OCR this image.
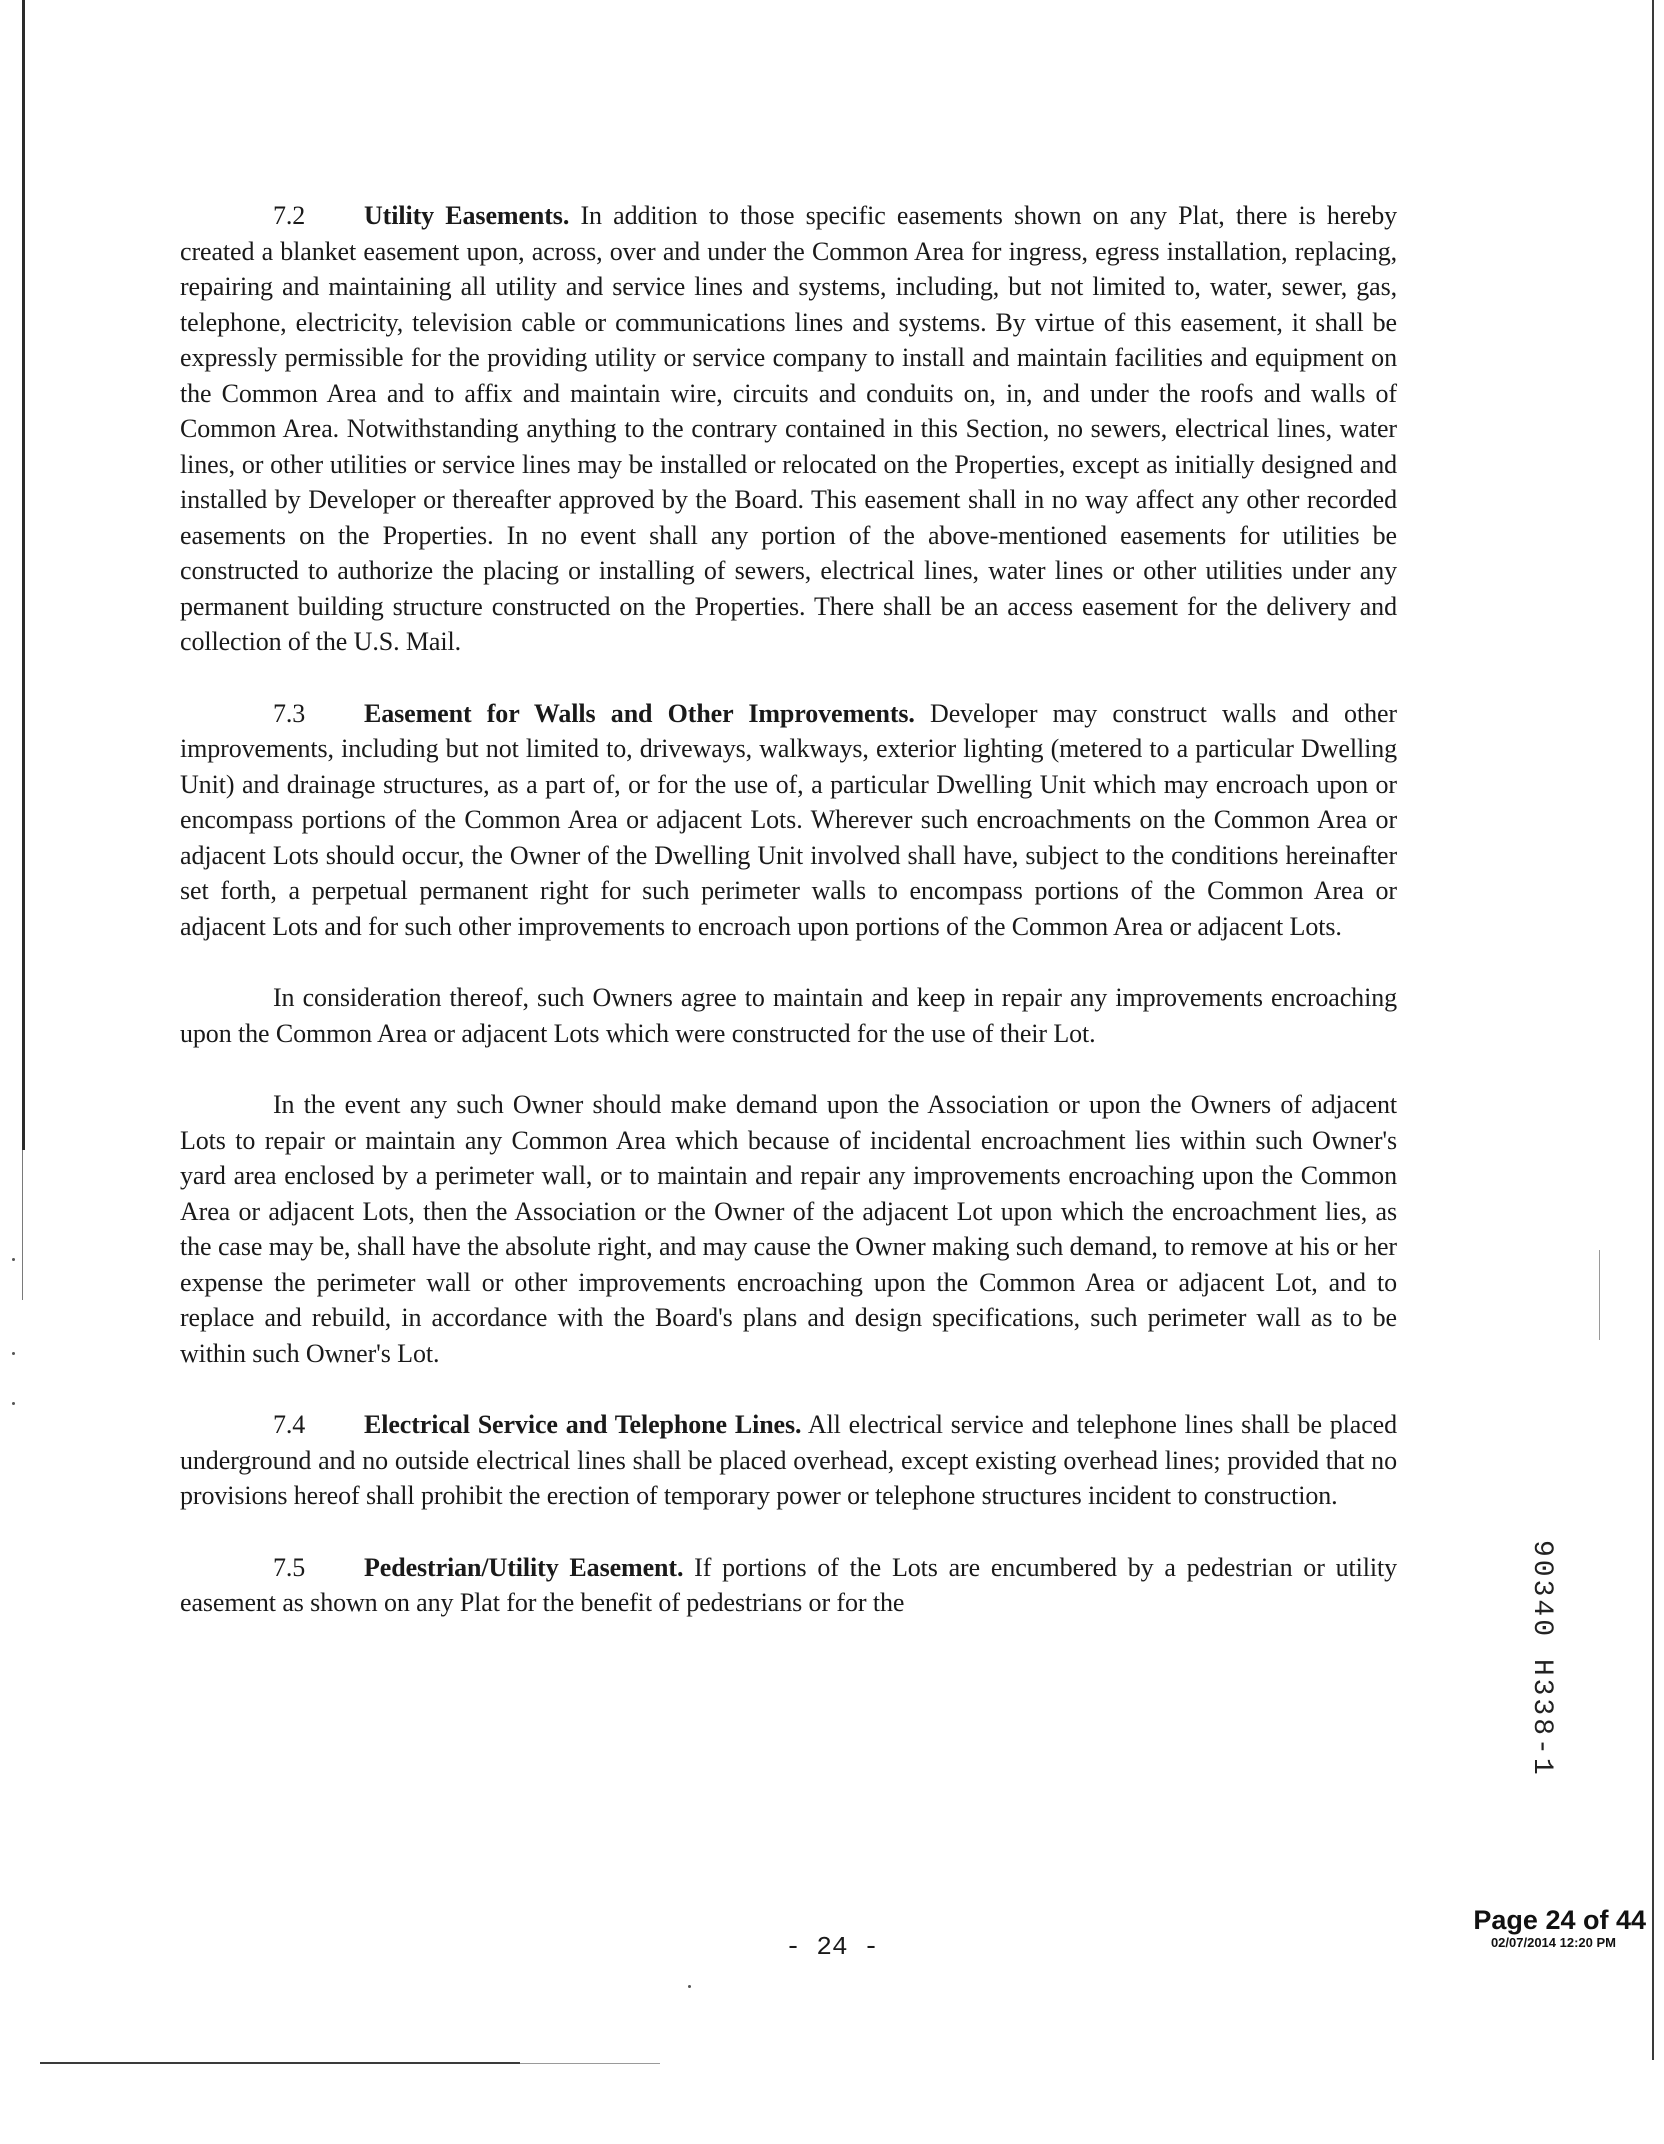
7.2 Utility Easements. In addition to those specific easements shown on any Plat, there is hereby created a blanket easement upon, across, over and under the Common Area for ingress, egress installation, replacing, repairing and maintaining all utility and service lines and systems, including, but not limited to, water, sewer, gas, telephone, electricity, television cable or communications lines and systems. By virtue of this easement, it shall be expressly permissible for the providing utility or service company to install and maintain facilities and equipment on the Common Area and to affix and maintain wire, circuits and conduits on, in, and under the roofs and walls of Common Area. Notwithstanding anything to the contrary contained in this Section, no sewers, electrical lines, water lines, or other utilities or service lines may be installed or relocated on the Properties, except as initially designed and installed by Developer or thereafter approved by the Board. This easement shall in no way affect any other recorded easements on the Properties. In no event shall any portion of the above-mentioned easements for utilities be constructed to authorize the placing or installing of sewers, electrical lines, water lines or other utilities under any permanent building structure constructed on the Properties. There shall be an access easement for the delivery and collection of the U.S. Mail.

7.3 Easement for Walls and Other Improvements. Developer may construct walls and other improvements, including but not limited to, driveways, walkways, exterior lighting (metered to a particular Dwelling Unit) and drainage structures, as a part of, or for the use of, a particular Dwelling Unit which may encroach upon or encompass portions of the Common Area or adjacent Lots. Wherever such encroachments on the Common Area or adjacent Lots should occur, the Owner of the Dwelling Unit involved shall have, subject to the conditions hereinafter set forth, a perpetual permanent right for such perimeter walls to encompass portions of the Common Area or adjacent Lots and for such other improvements to encroach upon portions of the Common Area or adjacent Lots.

In consideration thereof, such Owners agree to maintain and keep in repair any improvements encroaching upon the Common Area or adjacent Lots which were constructed for the use of their Lot.

In the event any such Owner should make demand upon the Association or upon the Owners of adjacent Lots to repair or maintain any Common Area which because of incidental encroachment lies within such Owner's yard area enclosed by a perimeter wall, or to maintain and repair any improvements encroaching upon the Common Area or adjacent Lots, then the Association or the Owner of the adjacent Lot upon which the encroachment lies, as the case may be, shall have the absolute right, and may cause the Owner making such demand, to remove at his or her expense the perimeter wall or other improvements encroaching upon the Common Area or adjacent Lot, and to replace and rebuild, in accordance with the Board's plans and design specifications, such perimeter wall as to be within such Owner's Lot.

7.4 Electrical Service and Telephone Lines. All electrical service and telephone lines shall be placed underground and no outside electrical lines shall be placed overhead, except existing overhead lines; provided that no provisions hereof shall prohibit the erection of temporary power or telephone structures incident to construction.

7.5 Pedestrian/Utility Easement. If portions of the Lots are encumbered by a pedestrian or utility easement as shown on any Plat for the benefit of pedestrians or for the

- 24 -
90340 H338-1
Page 24 of 44
02/07/2014 12:20 PM
